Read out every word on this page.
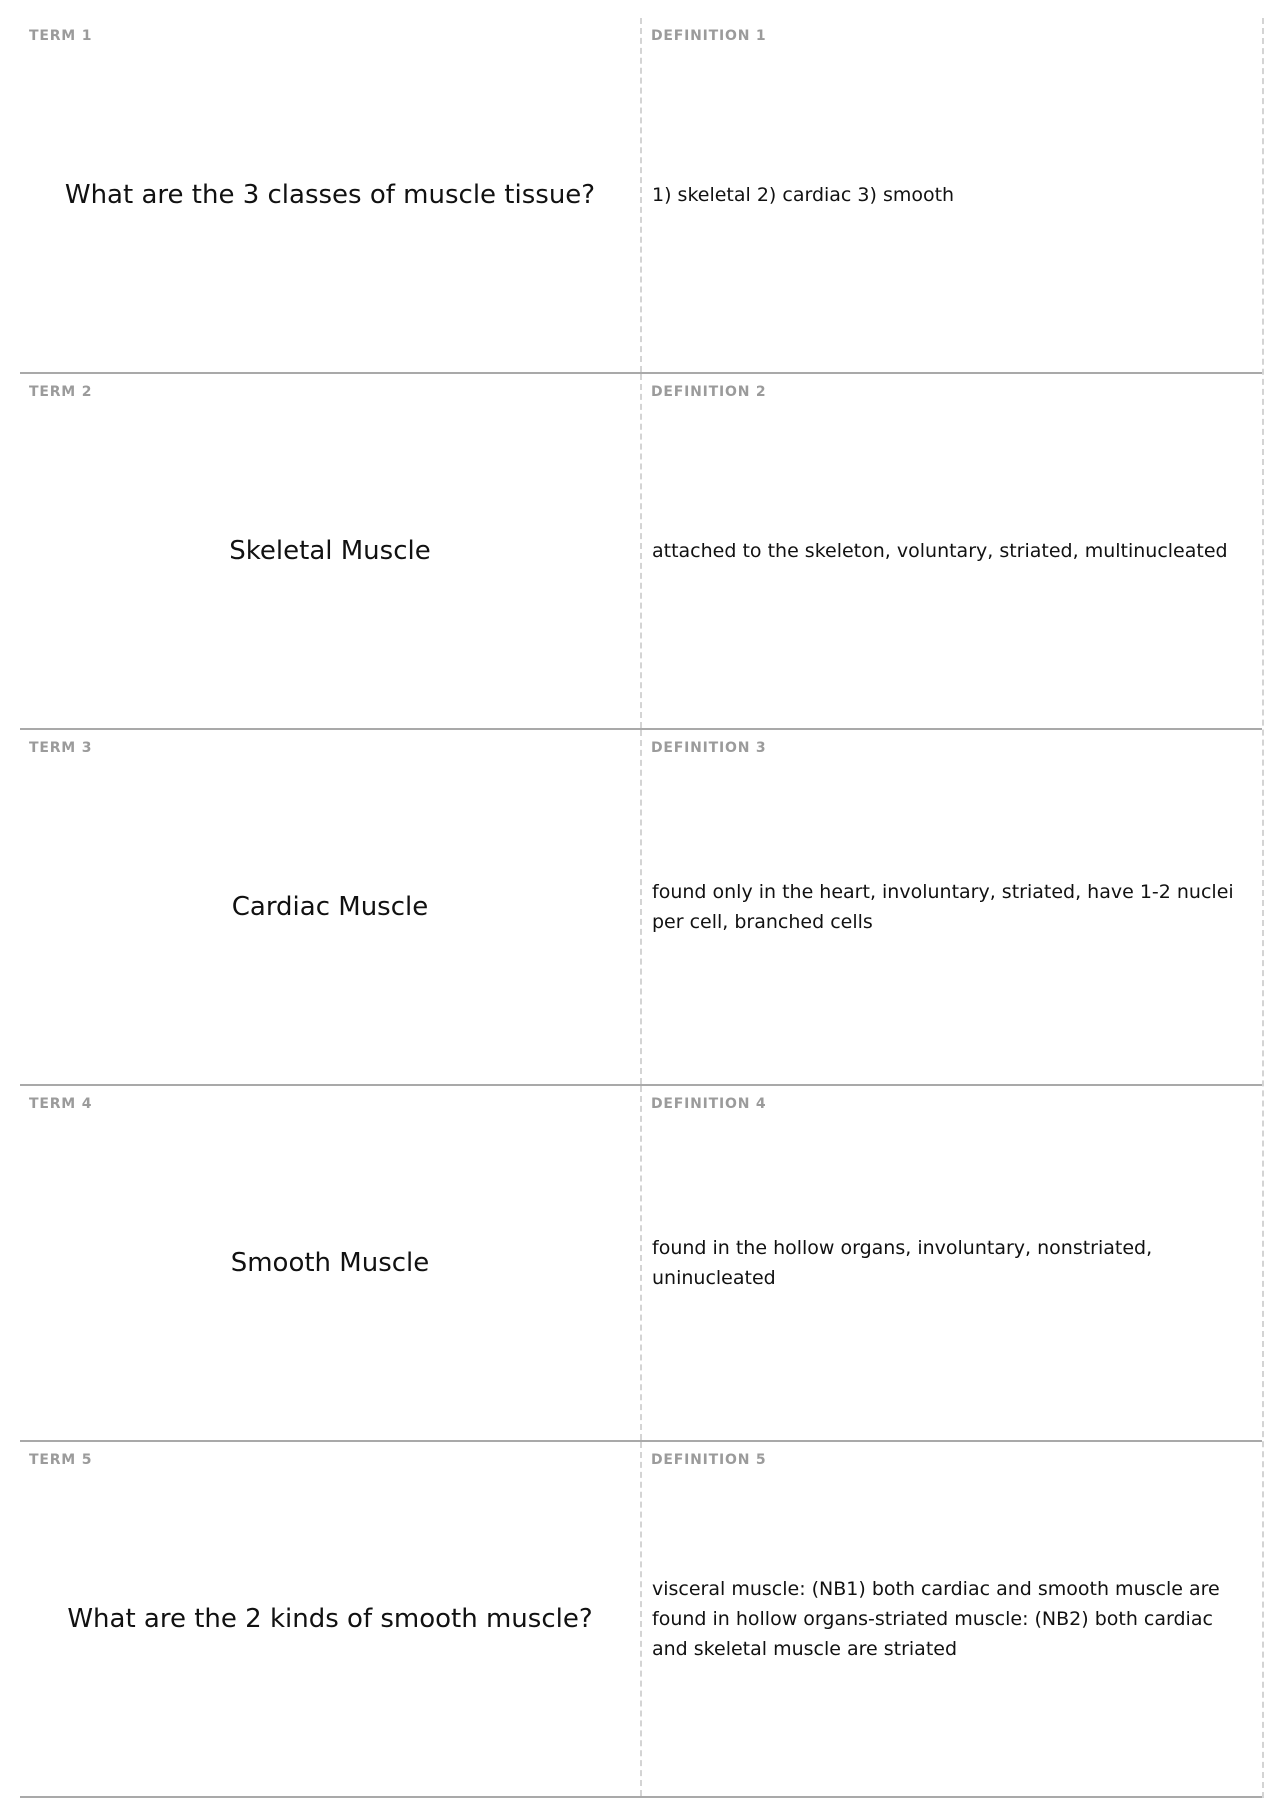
TERM 1
What are the 3 classes of muscle tissue?
DEFINITION 1
1) skeletal 2) cardiac 3) smooth
TERM 2
Skeletal Muscle
DEFINITION 2
attached to the skeleton, voluntary, striated, multinucleated
TERM 3
Cardiac Muscle
DEFINITION 3
found only in the heart, involuntary, striated, have 1-2 nuclei per cell, branched cells
TERM 4
Smooth Muscle
DEFINITION 4
found in the hollow organs, involuntary, nonstriated, uninucleated
TERM 5
What are the 2 kinds of smooth muscle?
DEFINITION 5
visceral muscle: (NB1) both cardiac and smooth muscle are found in hollow organs-striated muscle: (NB2) both cardiac and skeletal muscle are striated
